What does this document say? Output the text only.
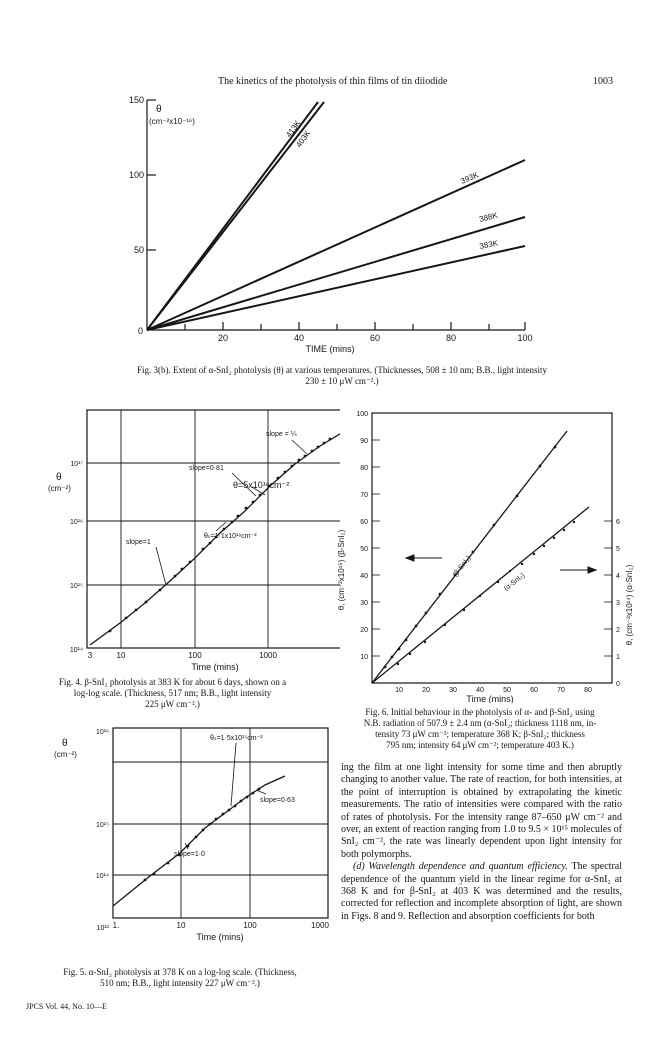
The kinetics of the photolysis of thin films of tin diiodide	1003
150
100
50
0
20	40	60	80	100
TIME (mins)
θ
(cm⁻²x10⁻¹⁶)	413K
403K
393K
388K
383K
Fig. 3(b). Extent of α-SnI₂ photolysis (θ) at various temperatures. (Thicknesses, 508 ± 10 nm; B.B., light intensity
230 ± 10 μW cm⁻².)
10¹⁴
10¹⁵
10¹⁶
10¹⁷
3	10	100	1000
Time (mins)
θ
(cm⁻²)
slope = ¼
slope=0·81
θ=5x10¹⁶cm⁻²
θₛ=1·1x10¹⁶cm⁻²
slope=1
Fig. 4. β-SnI₂ photolysis at 383 K for about 6 days, shown on a
log-log scale. (Thickness, 517 nm; B.B., light intensity
225 μW cm⁻².)
100
90
80
70
60
50
40
30
20
10
6
5
4
3
2
1
0
10	20	30	40	50	60	70	80
Time (mins)
θ, (cm⁻²x10¹⁵) (β-SnI₂)	θ, (cm⁻²x10¹⁴) (α-SnI₂)
(β-SnI₂)
(α-SnI₂)
Fig. 6. Initial behaviour in the photolysis of α- and β-SnI₂ using
N.B. radiation of 507.9 ± 2.4 nm (α-SnI₂; thickness 1118 nm, in-
tensity 73 μW cm⁻²; temperature 368 K; β-SnI₂; thickness
795 nm; intensity 64 μW cm⁻²; temperature 403 K.)
10¹³
10¹⁴
10¹⁵
10¹⁶
1.	10	100	1000
Time (mins)
θ
(cm⁻²)
θₛ=1·5x10¹⁵cm⁻²
slope=0·63
slope=1·0
Fig. 5. α-SnI₂ photolysis at 378 K on a log-log scale. (Thickness,
510 nm; B.B., light intensity 227 μW cm⁻².)

ing the film at one light intensity for some time and then abruptly changing to another value. The rate of reaction, for both intensities, at the point of interruption is obtained by extrapolating the kinetic measurements. The ratio of intensities were compared with the ratio of rates of photolysis. For the intensity range 87–650 μW cm⁻² and over, an extent of reaction ranging from 1.0 to 9.5 × 10¹⁵ molecules of SnI₂ cm⁻², the rate was linearly dependent upon light intensity for both polymorphs.

(d) Wavelength dependence and quantum efficiency. The spectral dependence of the quantum yield in the linear regime for α-SnI₂ at 368 K and for β-SnI₂ at 403 K was determined and the results, corrected for reflection and incomplete absorption of light, are shown in Figs. 8 and 9. Reflection and absorption coefficients for both

JPCS Vol. 44, No. 10—E
